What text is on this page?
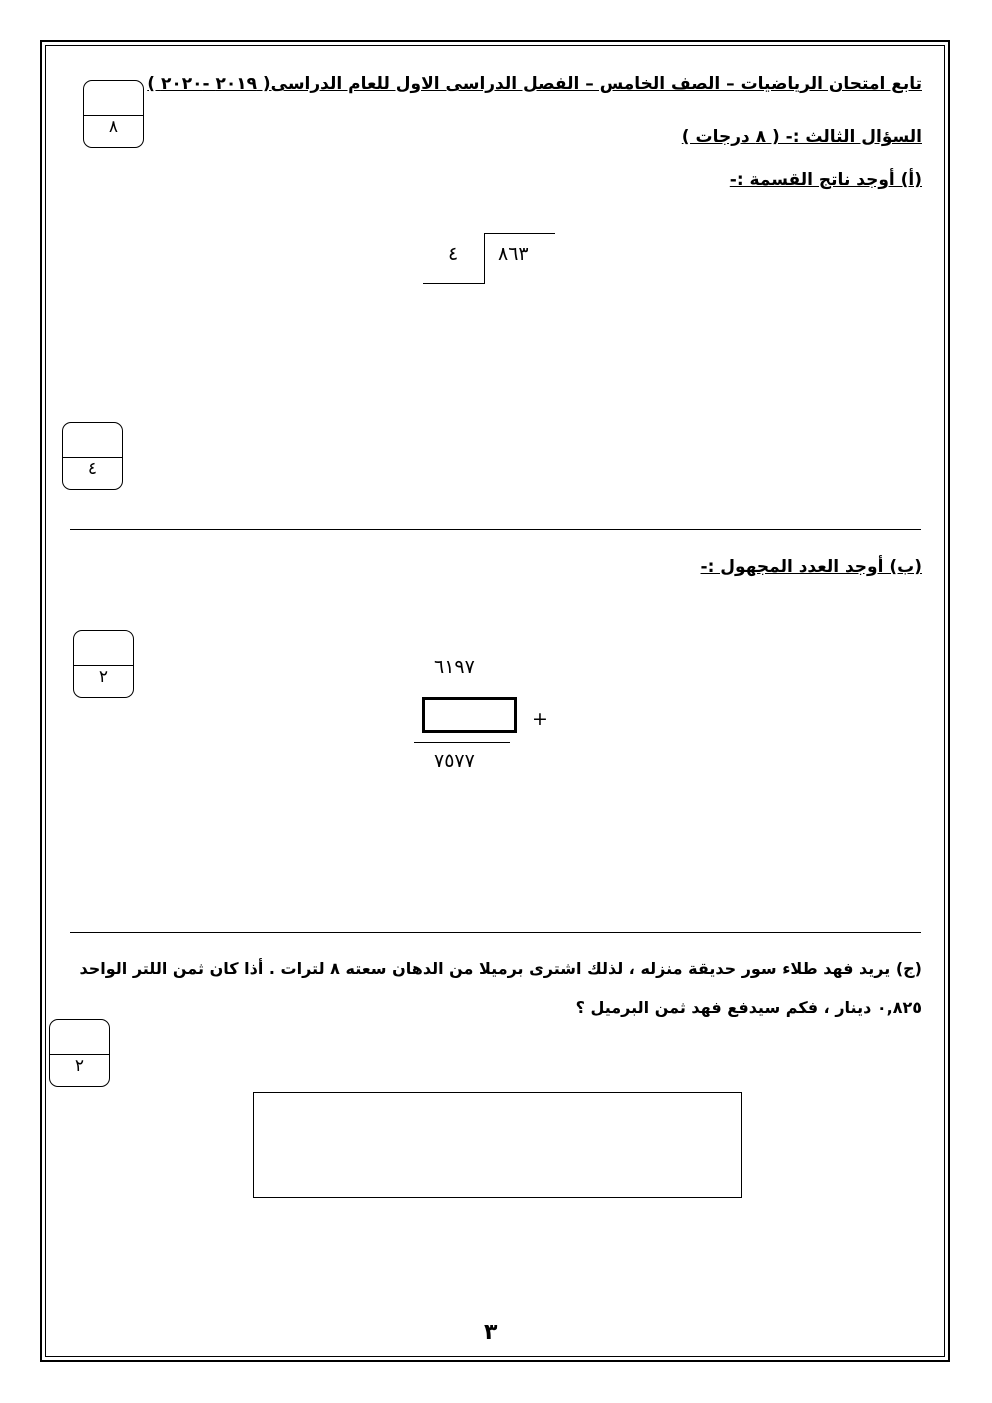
تابع امتحان الرياضيات – الصف الخامس – الفصل الدراسى الاول للعام الدراسى( ٢٠١٩ -٢٠٢٠ )
٨	السؤال الثالث :- ( ٨ درجات )
(أ) أوجد ناتج القسمة :-
٨٦٣
٤
٤
(ب) أوجد العدد المجهول :-
٢	٦١٩٧
+
٧٥٧٧
(ج) يريد فهد طلاء سور حديقة منزله ، لذلك اشترى برميلا من الدهان سعته ٨ لترات . أذا كان ثمن اللتر الواحد
٠,٨٢٥ دينار ، فكم سيدفع فهد ثمن البرميل ؟
٢
٣
